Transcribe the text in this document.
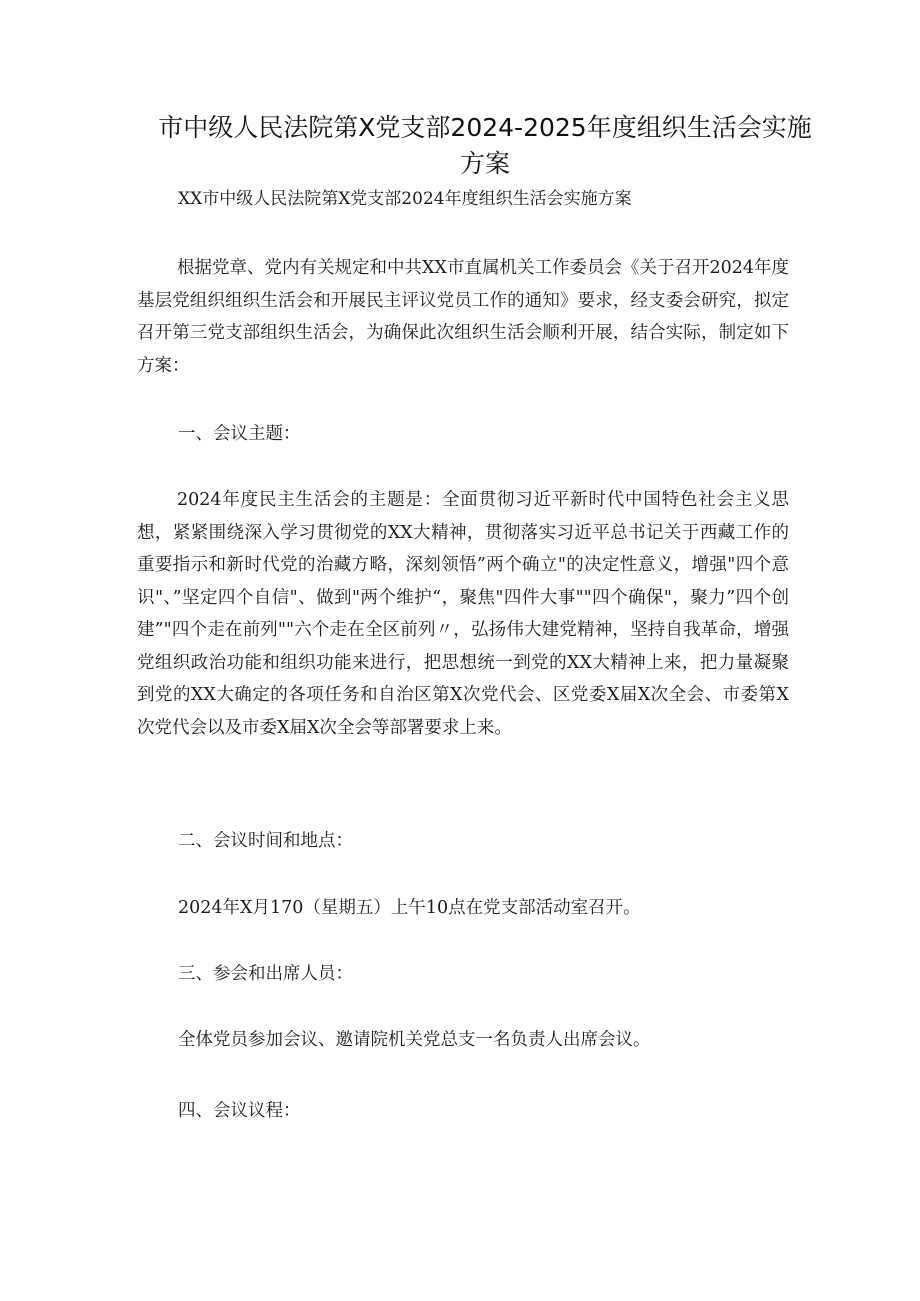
市中级人民法院第X党支部2024-2025年度组织生活会实施方案

XX市中级人民法院第X党支部2024年度组织生活会实施方案

根据党章、党内有关规定和中共XX市直属机关工作委员会《关于召开2024年度基层党组织组织生活会和开展民主评议党员工作的通知》要求，经支委会研究，拟定召开第三党支部组织生活会，为确保此次组织生活会顺利开展，结合实际，制定如下方案：

一、会议主题：

2024年度民主生活会的主题是：全面贯彻习近平新时代中国特色社会主义思想，紧紧围绕深入学习贯彻党的XX大精神，贯彻落实习近平总书记关于西藏工作的重要指示和新时代党的治藏方略，深刻领悟”两个确立"的决定性意义，增强"四个意识"、”坚定四个自信"、做到"两个维护“，聚焦"四件大事""四个确保"，聚力”四个创建”"四个走在前列""六个走在全区前列〃，弘扬伟大建党精神，坚持自我革命，增强党组织政治功能和组织功能来进行，把思想统一到党的XX大精神上来，把力量凝聚到党的XX大确定的各项任务和自治区第X次党代会、区党委X届X次全会、市委第X次党代会以及市委X届X次全会等部署要求上来。

二、会议时间和地点：

2024年X月170（星期五）上午10点在党支部活动室召开。

三、参会和出席人员：

全体党员参加会议、邀请院机关党总支一名负责人出席会议。

四、会议议程：
